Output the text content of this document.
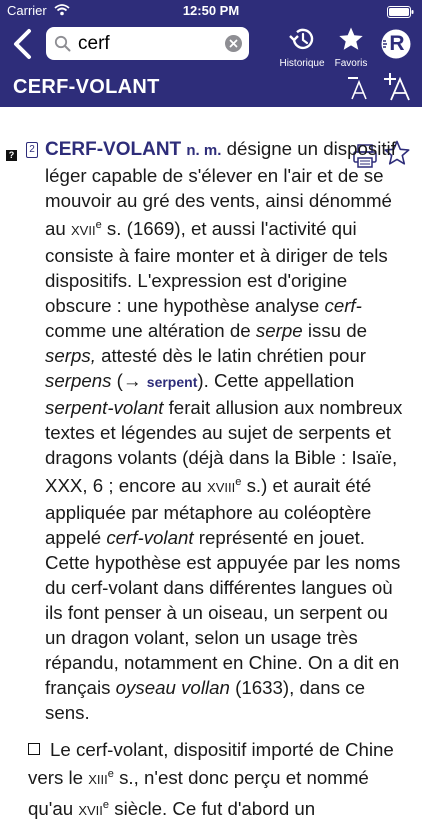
Carrier	12:50 PM
cerf
Historique	Favoris
R
CERF-VOLANT
?	2 CERF-VOLANT n. m. désigne un dispositif léger capable de s'élever en l'air et de se mouvoir au gré des vents, ainsi dénommé au XVIIe s. (1669), et aussi l'activité qui consiste à faire monter et à diriger de tels dispositifs. L'expression est d'origine obscure : une hypothèse analyse cerf- comme une altération de serpe issu de serps, attesté dès le latin chrétien pour serpens (→ serpent). Cette appellation serpent-volant ferait allusion aux nombreux textes et légendes au sujet de serpents et dragons volants (déjà dans la Bible : Isaïe, XXX, 6 ; encore au XVIIIe s.) et aurait été appliquée par métaphore au coléoptère appelé cerf-volant représenté en jouet. Cette hypothèse est appuyée par les noms du cerf-volant dans différentes langues où ils font penser à un oiseau, un serpent ou un dragon volant, selon un usage très répandu, notamment en Chine. On a dit en français oyseau vollan (1633), dans ce sens.
Le cerf-volant, dispositif importé de Chine vers le XIIIe s., n'est donc perçu et nommé qu'au XVIIe siècle. Ce fut d'abord un
